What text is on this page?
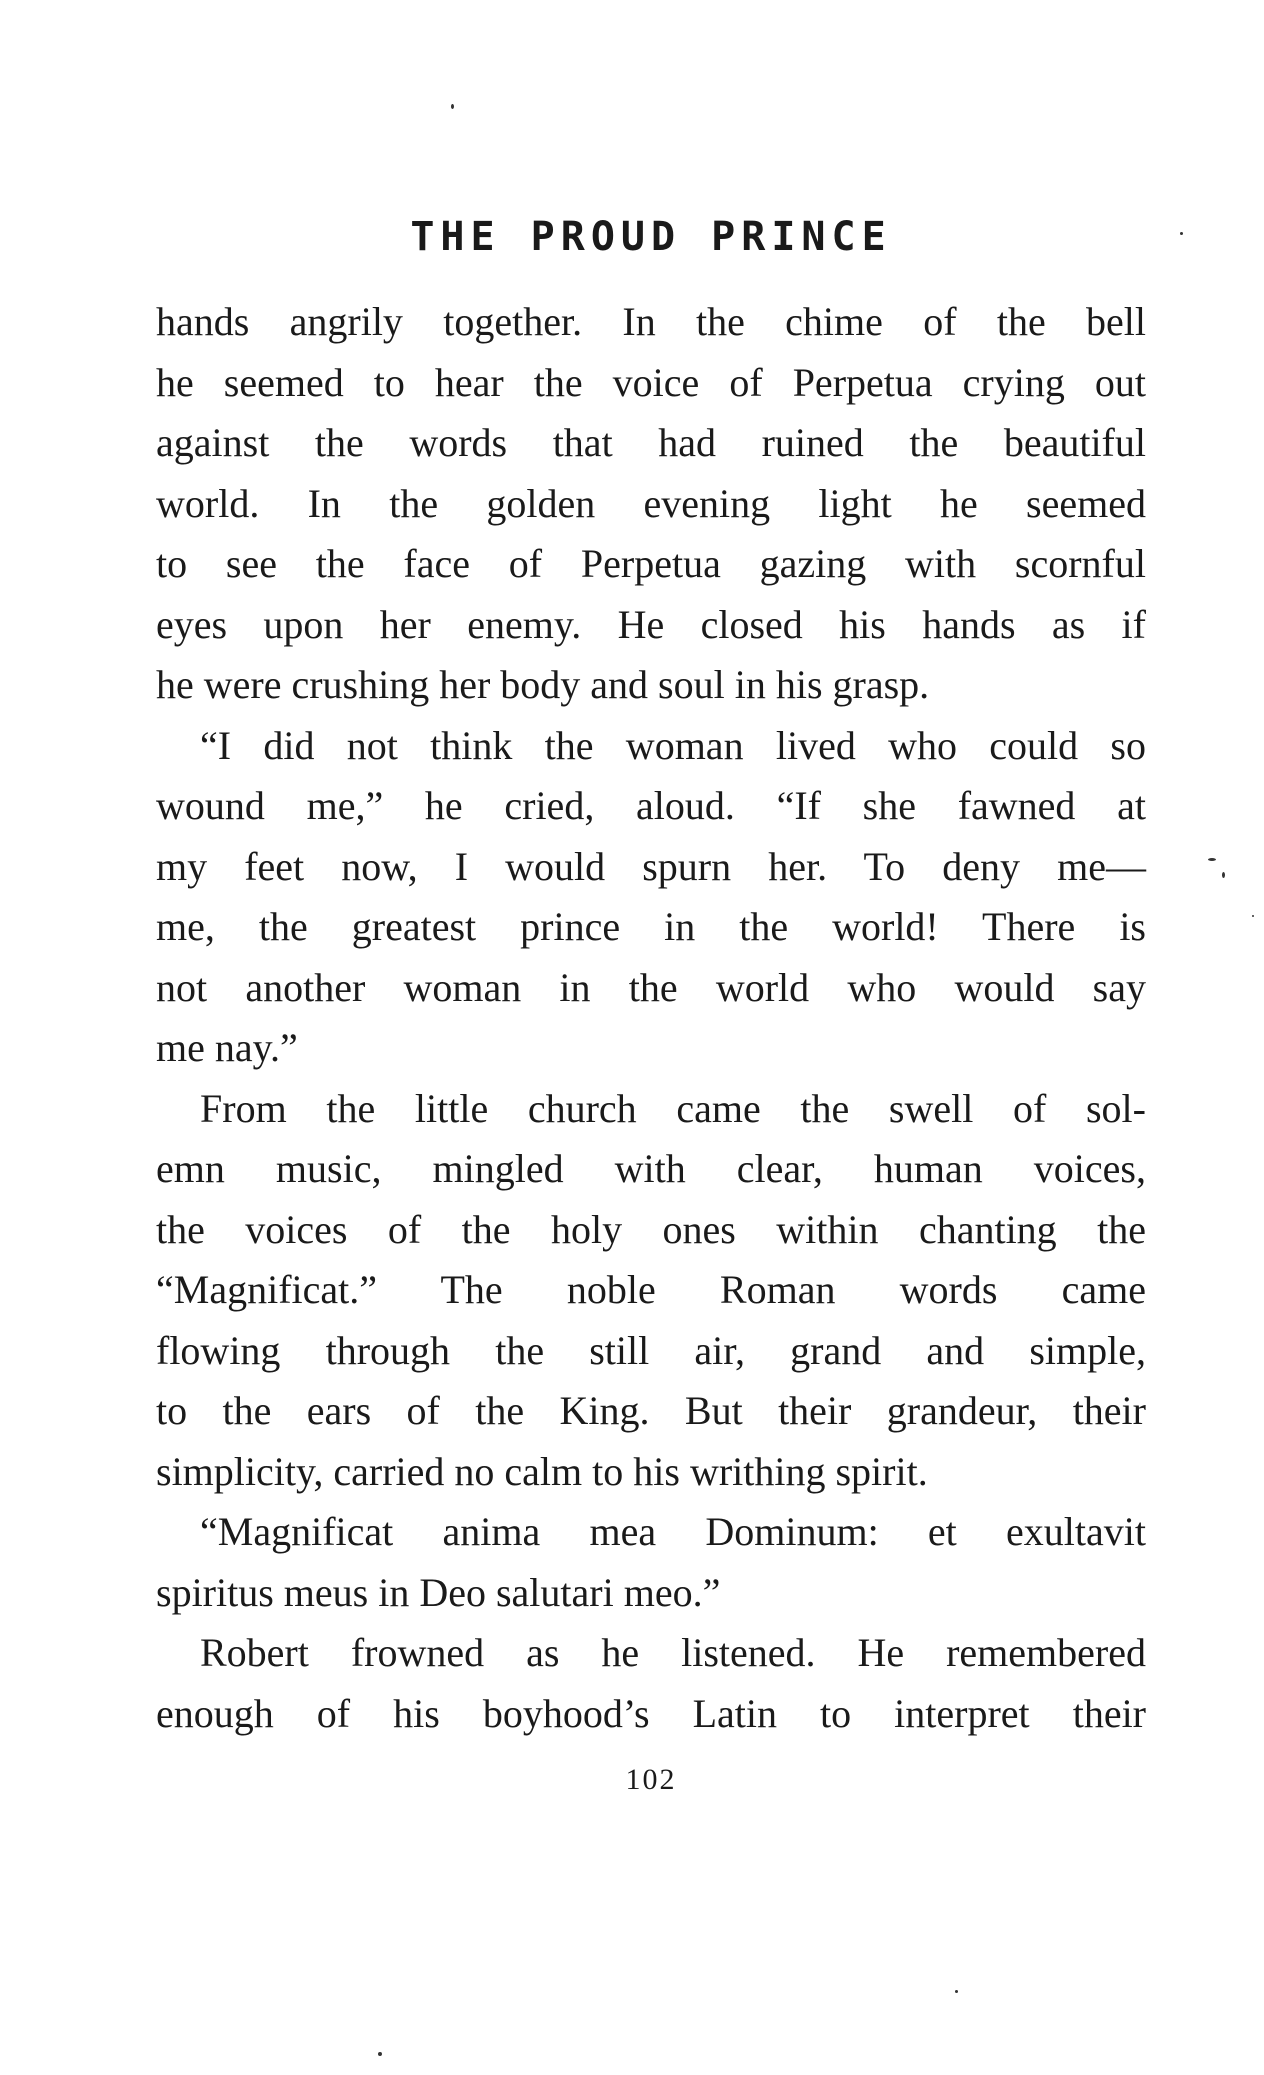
THE PROUD PRINCE
hands angrily together. In the chime of the bell
he seemed to hear the voice of Perpetua crying out
against the words that had ruined the beautiful
world. In the golden evening light he seemed
to see the face of Perpetua gazing with scornful
eyes upon her enemy. He closed his hands as if
he were crushing her body and soul in his grasp.
“I did not think the woman lived who could so
wound me,” he cried, aloud. “If she fawned at
my feet now, I would spurn her. To deny me—
me, the greatest prince in the world! There is
not another woman in the world who would say
me nay.”
From the little church came the swell of sol-
emn music, mingled with clear, human voices,
the voices of the holy ones within chanting the
“Magnificat.” The noble Roman words came
flowing through the still air, grand and simple,
to the ears of the King. But their grandeur, their
simplicity, carried no calm to his writhing spirit.
“Magnificat anima mea Dominum: et exultavit
spiritus meus in Deo salutari meo.”
Robert frowned as he listened. He remembered
enough of his boyhood’s Latin to interpret their
102
